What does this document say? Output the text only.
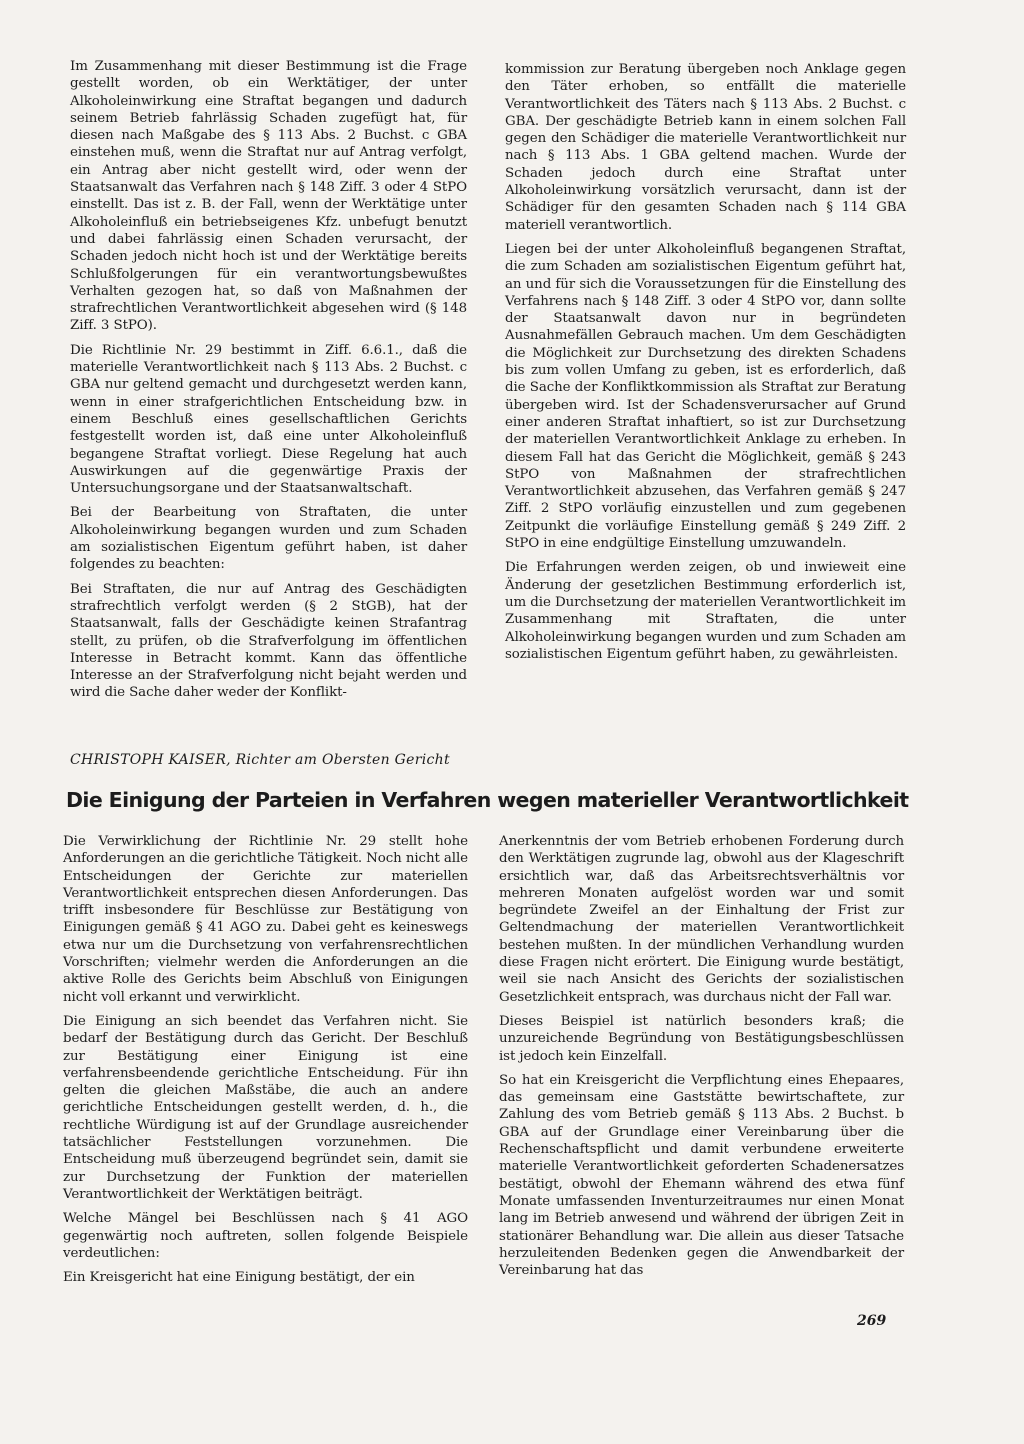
Im Zusammenhang mit dieser Bestimmung ist die Frage gestellt worden, ob ein Werktätiger, der unter Alkoholeinwirkung eine Straftat begangen und dadurch seinem Betrieb fahrlässig Schaden zugefügt hat, für diesen nach Maßgabe des § 113 Abs. 2 Buchst. c GBA einstehen muß, wenn die Straftat nur auf Antrag verfolgt, ein Antrag aber nicht gestellt wird, oder wenn der Staatsanwalt das Verfahren nach § 148 Ziff. 3 oder 4 StPO einstellt. Das ist z. B. der Fall, wenn der Werktätige unter Alkoholeinfluß ein betriebseigenes Kfz. unbefugt benutzt und dabei fahrlässig einen Schaden verursacht, der Schaden jedoch nicht hoch ist und der Werktätige bereits Schlußfolgerungen für ein verantwortungsbewußtes Verhalten gezogen hat, so daß von Maßnahmen der strafrechtlichen Verantwortlichkeit abgesehen wird (§ 148 Ziff. 3 StPO).

Die Richtlinie Nr. 29 bestimmt in Ziff. 6.6.1., daß die materielle Verantwortlichkeit nach § 113 Abs. 2 Buchst. c GBA nur geltend gemacht und durchgesetzt werden kann, wenn in einer strafgerichtlichen Entscheidung bzw. in einem Beschluß eines gesellschaftlichen Gerichts festgestellt worden ist, daß eine unter Alkoholeinfluß begangene Straftat vorliegt. Diese Regelung hat auch Auswirkungen auf die gegenwärtige Praxis der Untersuchungsorgane und der Staatsanwaltschaft.

Bei der Bearbeitung von Straftaten, die unter Alkoholeinwirkung begangen wurden und zum Schaden am sozialistischen Eigentum geführt haben, ist daher folgendes zu beachten:

Bei Straftaten, die nur auf Antrag des Geschädigten strafrechtlich verfolgt werden (§ 2 StGB), hat der Staatsanwalt, falls der Geschädigte keinen Strafantrag stellt, zu prüfen, ob die Strafverfolgung im öffentlichen Interesse in Betracht kommt. Kann das öffentliche Interesse an der Strafverfolgung nicht bejaht werden und wird die Sache daher weder der Konflikt-

kommission zur Beratung übergeben noch Anklage gegen den Täter erhoben, so entfällt die materielle Verantwortlichkeit des Täters nach § 113 Abs. 2 Buchst. c GBA. Der geschädigte Betrieb kann in einem solchen Fall gegen den Schädiger die materielle Verantwortlichkeit nur nach § 113 Abs. 1 GBA geltend machen. Wurde der Schaden jedoch durch eine Straftat unter Alkoholeinwirkung vorsätzlich verursacht, dann ist der Schädiger für den gesamten Schaden nach § 114 GBA materiell verantwortlich.

Liegen bei der unter Alkoholeinfluß begangenen Straftat, die zum Schaden am sozialistischen Eigentum geführt hat, an und für sich die Voraussetzungen für die Einstellung des Verfahrens nach § 148 Ziff. 3 oder 4 StPO vor, dann sollte der Staatsanwalt davon nur in begründeten Ausnahmefällen Gebrauch machen. Um dem Geschädigten die Möglichkeit zur Durchsetzung des direkten Schadens bis zum vollen Umfang zu geben, ist es erforderlich, daß die Sache der Konfliktkommission als Straftat zur Beratung übergeben wird. Ist der Schadensverursacher auf Grund einer anderen Straftat inhaftiert, so ist zur Durchsetzung der materiellen Verantwortlichkeit Anklage zu erheben. In diesem Fall hat das Gericht die Möglichkeit, gemäß § 243 StPO von Maßnahmen der strafrechtlichen Verantwortlichkeit abzusehen, das Verfahren gemäß § 247 Ziff. 2 StPO vorläufig einzustellen und zum gegebenen Zeitpunkt die vorläufige Einstellung gemäß § 249 Ziff. 2 StPO in eine endgültige Einstellung umzuwandeln.

Die Erfahrungen werden zeigen, ob und inwieweit eine Änderung der gesetzlichen Bestimmung erforderlich ist, um die Durchsetzung der materiellen Verantwortlichkeit im Zusammenhang mit Straftaten, die unter Alkoholeinwirkung begangen wurden und zum Schaden am sozialistischen Eigentum geführt haben, zu gewährleisten.

CHRISTOPH KAISER, Richter am Obersten Gericht
Die Einigung der Parteien in Verfahren wegen materieller Verantwortlichkeit

Die Verwirklichung der Richtlinie Nr. 29 stellt hohe Anforderungen an die gerichtliche Tätigkeit. Noch nicht alle Entscheidungen der Gerichte zur materiellen Verantwortlichkeit entsprechen diesen Anforderungen. Das trifft insbesondere für Beschlüsse zur Bestätigung von Einigungen gemäß § 41 AGO zu. Dabei geht es keineswegs etwa nur um die Durchsetzung von verfahrensrechtlichen Vorschriften; vielmehr werden die Anforderungen an die aktive Rolle des Gerichts beim Abschluß von Einigungen nicht voll erkannt und verwirklicht.

Die Einigung an sich beendet das Verfahren nicht. Sie bedarf der Bestätigung durch das Gericht. Der Beschluß zur Bestätigung einer Einigung ist eine verfahrensbeendende gerichtliche Entscheidung. Für ihn gelten die gleichen Maßstäbe, die auch an andere gerichtliche Entscheidungen gestellt werden, d. h., die rechtliche Würdigung ist auf der Grundlage ausreichender tatsächlicher Feststellungen vorzunehmen. Die Entscheidung muß überzeugend begründet sein, damit sie zur Durchsetzung der Funktion der materiellen Verantwortlichkeit der Werktätigen beiträgt.

Welche Mängel bei Beschlüssen nach § 41 AGO gegenwärtig noch auftreten, sollen folgende Beispiele verdeutlichen:

Ein Kreisgericht hat eine Einigung bestätigt, der ein

Anerkenntnis der vom Betrieb erhobenen Forderung durch den Werktätigen zugrunde lag, obwohl aus der Klageschrift ersichtlich war, daß das Arbeitsrechtsverhältnis vor mehreren Monaten aufgelöst worden war und somit begründete Zweifel an der Einhaltung der Frist zur Geltendmachung der materiellen Verantwortlichkeit bestehen mußten. In der mündlichen Verhandlung wurden diese Fragen nicht erörtert. Die Einigung wurde bestätigt, weil sie nach Ansicht des Gerichts der sozialistischen Gesetzlichkeit entsprach, was durchaus nicht der Fall war.

Dieses Beispiel ist natürlich besonders kraß; die unzureichende Begründung von Bestätigungsbeschlüssen ist jedoch kein Einzelfall.

So hat ein Kreisgericht die Verpflichtung eines Ehepaares, das gemeinsam eine Gaststätte bewirtschaftete, zur Zahlung des vom Betrieb gemäß § 113 Abs. 2 Buchst. b GBA auf der Grundlage einer Vereinbarung über die Rechenschaftspflicht und damit verbundene erweiterte materielle Verantwortlichkeit geforderten Schadenersatzes bestätigt, obwohl der Ehemann während des etwa fünf Monate umfassenden Inventurzeitraumes nur einen Monat lang im Betrieb anwesend und während der übrigen Zeit in stationärer Behandlung war. Die allein aus dieser Tatsache herzuleitenden Bedenken gegen die Anwendbarkeit der Vereinbarung hat das

269
